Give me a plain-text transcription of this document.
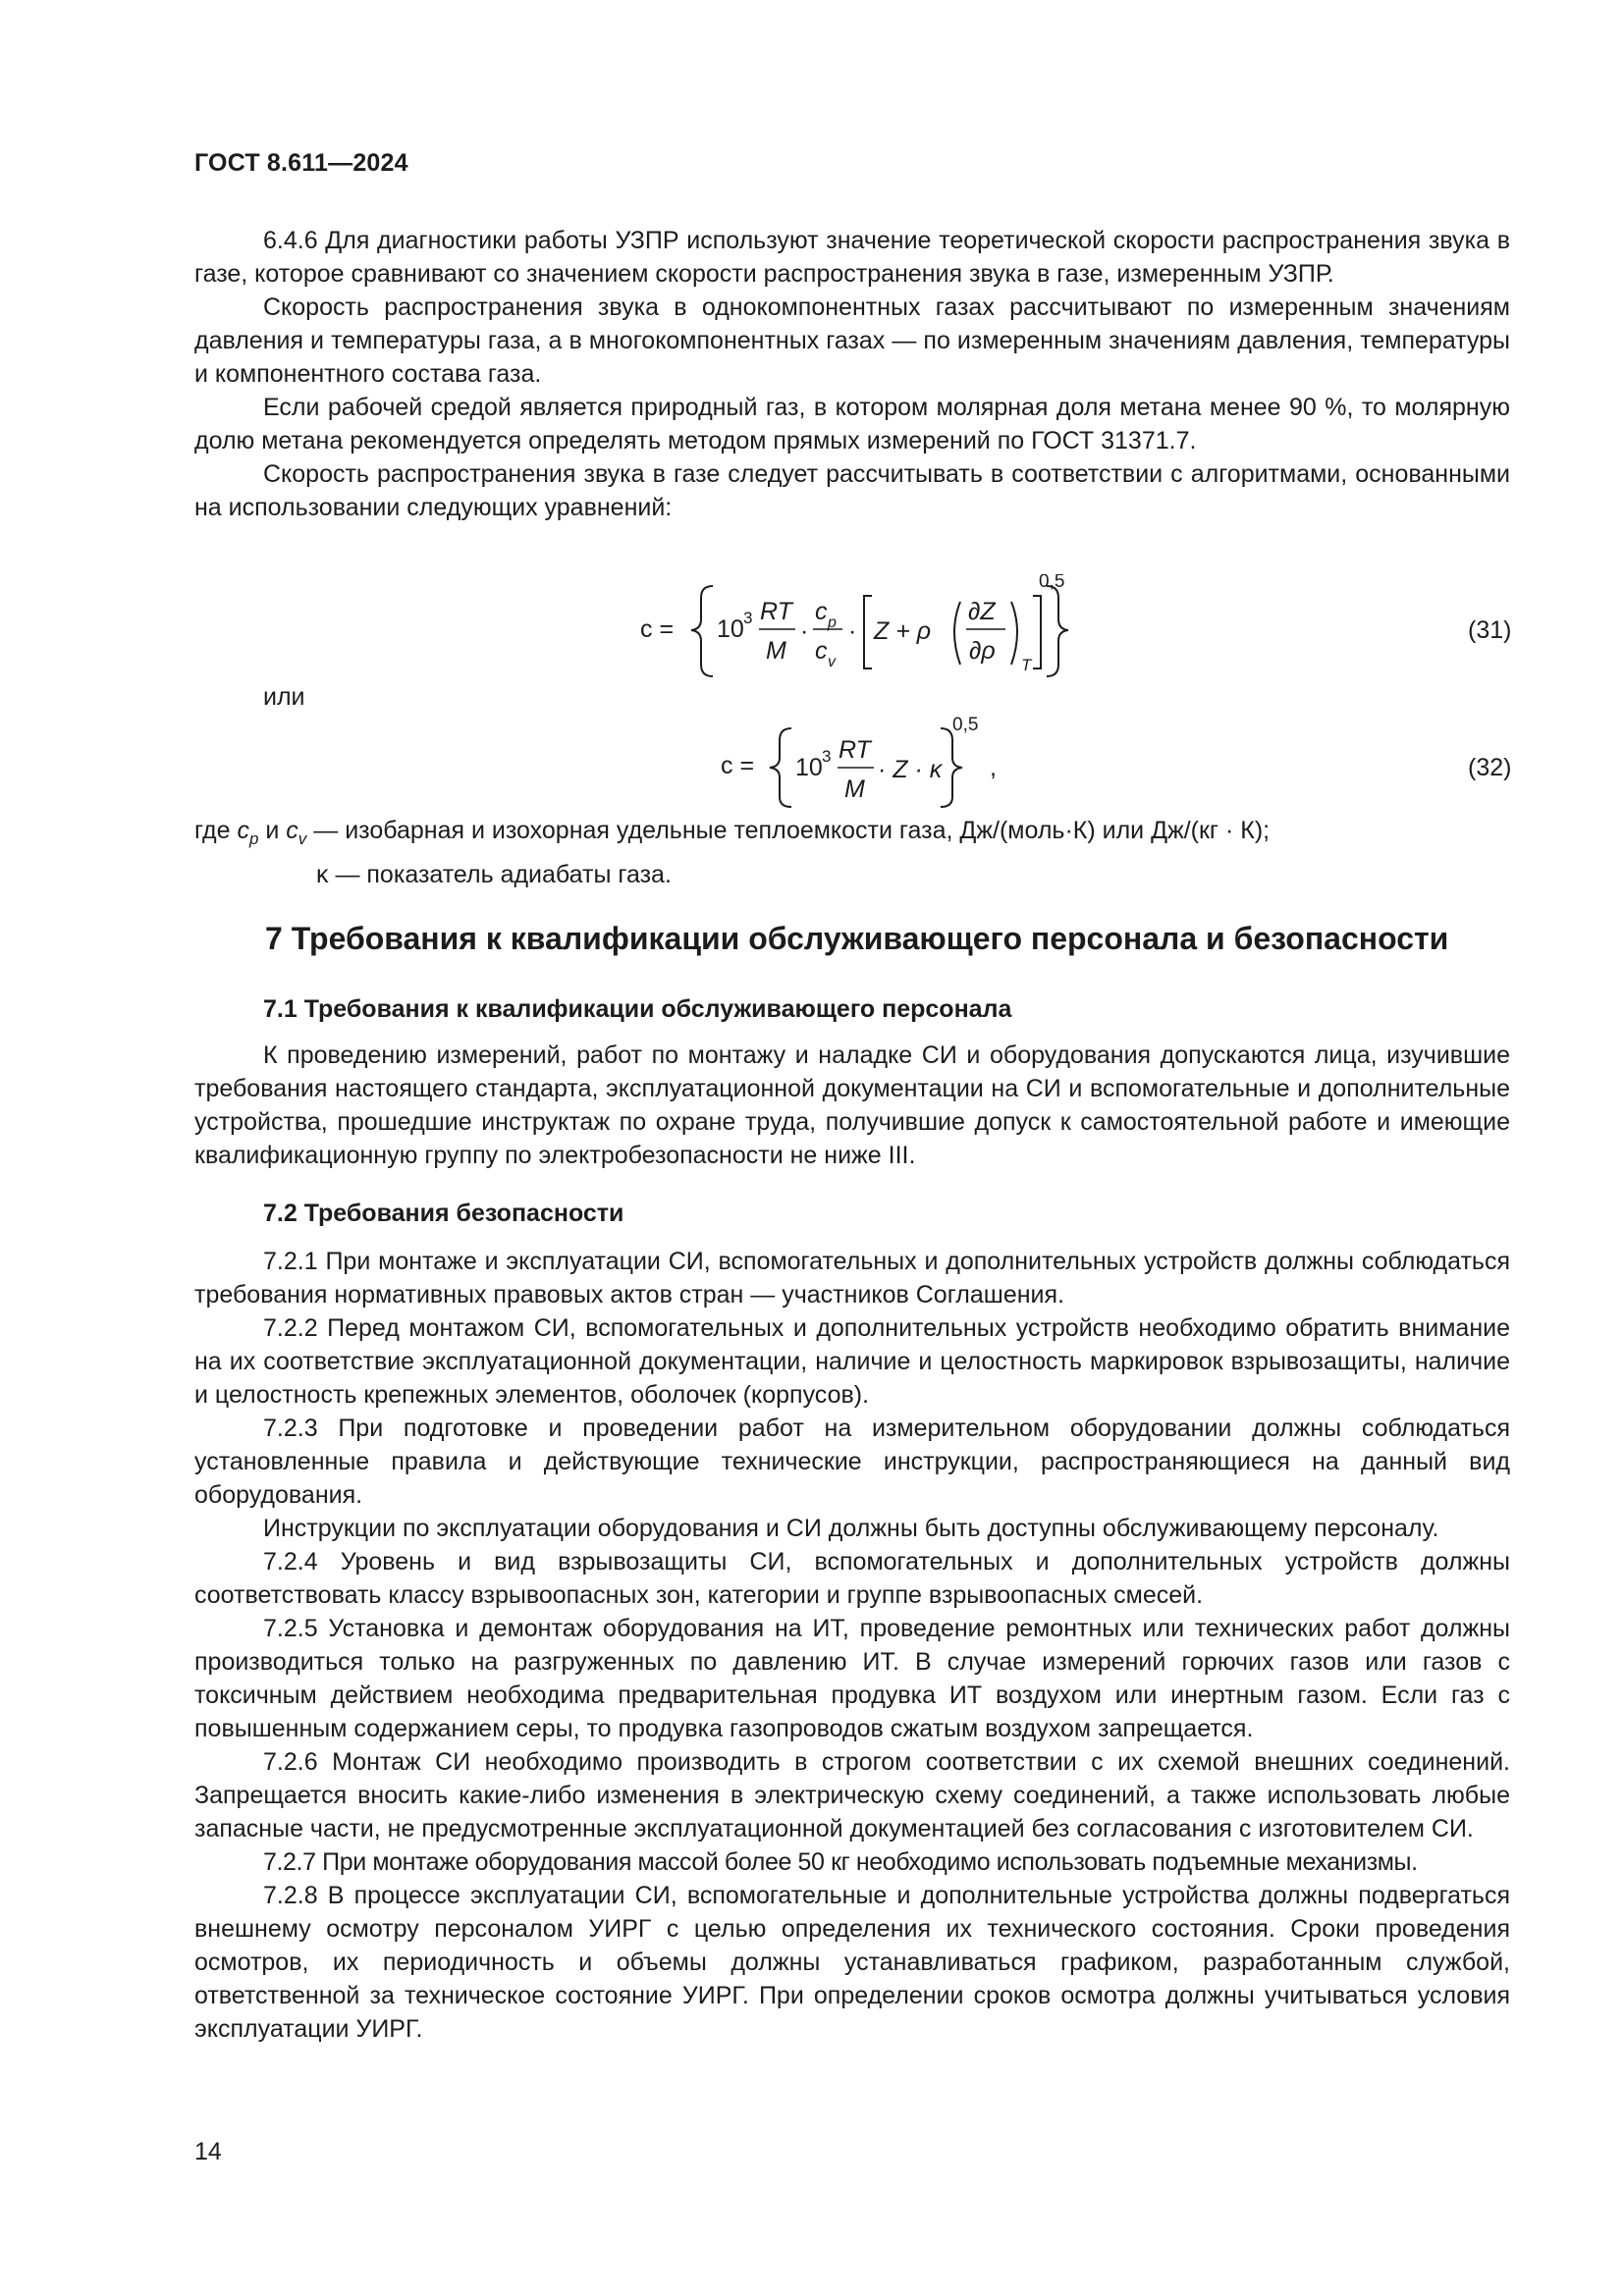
ГОСТ 8.611—2024

6.4.6 Для диагностики работы УЗПР используют значение теоретической скорости распространения звука в газе, которое сравнивают со значением скорости распространения звука в газе, измеренным УЗПР.

Скорость распространения звука в однокомпонентных газах рассчитывают по измеренным значениям давления и температуры газа, а в многокомпонентных газах — по измеренным значениям давления, температуры и компонентного состава газа.

Если рабочей средой является природный газ, в котором молярная доля метана менее 90 %, то молярную долю метана рекомендуется определять методом прямых измерений по ГОСТ 31371.7.

Скорость распространения звука в газе следует рассчитывать в соответствии с алгоритмами, основанными на использовании следующих уравнений:

c = 10 3 RT
M
·
c p
c v
· Z + ρ
∂Z
∂ρ
T
0,5
(31)
или
c = 10 3 RT
M
· Z · κ
0,5
,	(32)
где $c_p$ и $c_v$ — изобарная и изохорная удельные теплоемкости газа, Дж/(моль·К) или Дж/(кг · К);
κ — показатель адиабаты газа.
7 Требования к квалификации обслуживающего персонала и безопасности
7.1 Требования к квалификации обслуживающего персонала

К проведению измерений, работ по монтажу и наладке СИ и оборудования допускаются лица, изучившие требования настоящего стандарта, эксплуатационной документации на СИ и вспомогательные и дополнительные устройства, прошедшие инструктаж по охране труда, получившие допуск к самостоятельной работе и имеющие квалификационную группу по электробезопасности не ниже III.

7.2 Требования безопасности

7.2.1 При монтаже и эксплуатации СИ, вспомогательных и дополнительных устройств должны соблюдаться требования нормативных правовых актов стран — участников Соглашения.

7.2.2 Перед монтажом СИ, вспомогательных и дополнительных устройств необходимо обратить внимание на их соответствие эксплуатационной документации, наличие и целостность маркировок взрывозащиты, наличие и целостность крепежных элементов, оболочек (корпусов).

7.2.3 При подготовке и проведении работ на измерительном оборудовании должны соблюдаться установленные правила и действующие технические инструкции, распространяющиеся на данный вид оборудования.

Инструкции по эксплуатации оборудования и СИ должны быть доступны обслуживающему персоналу.

7.2.4 Уровень и вид взрывозащиты СИ, вспомогательных и дополнительных устройств должны соответствовать классу взрывоопасных зон, категории и группе взрывоопасных смесей.

7.2.5 Установка и демонтаж оборудования на ИТ, проведение ремонтных или технических работ должны производиться только на разгруженных по давлению ИТ. В случае измерений горючих газов или газов с токсичным действием необходима предварительная продувка ИТ воздухом или инертным газом. Если газ с повышенным содержанием серы, то продувка газопроводов сжатым воздухом запрещается.

7.2.6 Монтаж СИ необходимо производить в строгом соответствии с их схемой внешних соединений. Запрещается вносить какие-либо изменения в электрическую схему соединений, а также использовать любые запасные части, не предусмотренные эксплуатационной документацией без согласования с изготовителем СИ.

7.2.7 При монтаже оборудования массой более 50 кг необходимо использовать подъемные механизмы.

7.2.8 В процессе эксплуатации СИ, вспомогательные и дополнительные устройства должны подвергаться внешнему осмотру персоналом УИРГ с целью определения их технического состояния. Сроки проведения осмотров, их периодичность и объемы должны устанавливаться графиком, разработанным службой, ответственной за техническое состояние УИРГ. При определении сроков осмотра должны учитываться условия эксплуатации УИРГ.

14
